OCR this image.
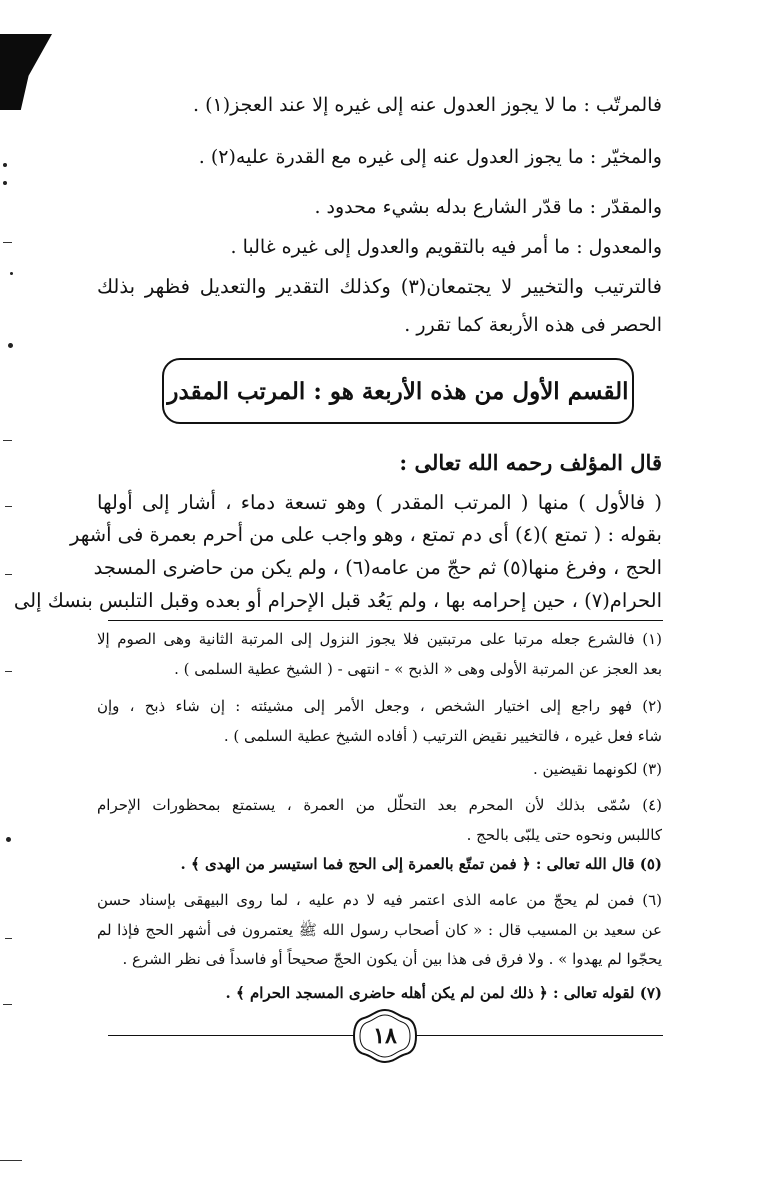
فالمرتّب : ما لا يجوز العدول عنه إلى غيره إلا عند العجز(١) .
والمخيّر : ما يجوز العدول عنه إلى غيره مع القدرة عليه(٢) .
والمقدّر : ما قدّر الشارع بدله بشيء محدود .
والمعدول : ما أمر فيه بالتقويم والعدول إلى غيره غالبا .
فالترتيب والتخيير لا يجتمعان(٣) وكذلك التقدير والتعديل فظهر بذلك
الحصر فى هذه الأربعة كما تقرر .
القسم الأول من هذه الأربعة هو : المرتب المقدر
قال المؤلف رحمه الله تعالى :
( فالأول ) منها ( المرتب المقدر ) وهو تسعة دماء ، أشار إلى أولها
بقوله : ( تمتع )(٤) أى دم تمتع ، وهو واجب على من أحرم بعمرة فى أشهر
الحج ، وفرغ منها(٥) ثم حجّ من عامه(٦) ، ولم يكن من حاضرى المسجد
الحرام(٧) ، حين إحرامه بها ، ولم يَعُد قبل الإحرام أو بعده وقبل التلبس بنسك إلى
(١) فالشرع جعله مرتبا على مرتبتين فلا يجوز النزول إلى المرتبة الثانية وهى الصوم إلا
بعد العجز عن المرتبة الأولى وهى « الذبح » - انتهى - ( الشيخ عطية السلمى ) .
(٢) فهو راجع إلى اختيار الشخص ، وجعل الأمر إلى مشيئته : إن شاء ذبح ، وإن
شاء فعل غيره ، فالتخيير نقيض الترتيب ( أفاده الشيخ عطية السلمى ) .
(٣) لكونهما نقيضين .
(٤) سُمّى بذلك لأن المحرم بعد التحلّل من العمرة ، يستمتع بمحظورات الإحرام
كاللبس ونحوه حتى يلبّى بالحج .
(٥) قال الله تعالى : ﴿ فمن تمتّع بالعمرة إلى الحج فما استيسر من الهدى ﴾ .
(٦) فمن لم يحجّ من عامه الذى اعتمر فيه لا دم عليه ، لما روى البيهقى بإسناد حسن
عن سعيد بن المسيب قال : « كان أصحاب رسول الله ﷺ يعتمرون فى أشهر الحج فإذا لم
يحجّوا لم يهدوا » . ولا فرق فى هذا بين أن يكون الحجّ صحيحاً أو فاسداً فى نظر الشرع .
(٧) لقوله تعالى : ﴿ ذلك لمن لم يكن أهله حاضرى المسجد الحرام ﴾ .
١٨
